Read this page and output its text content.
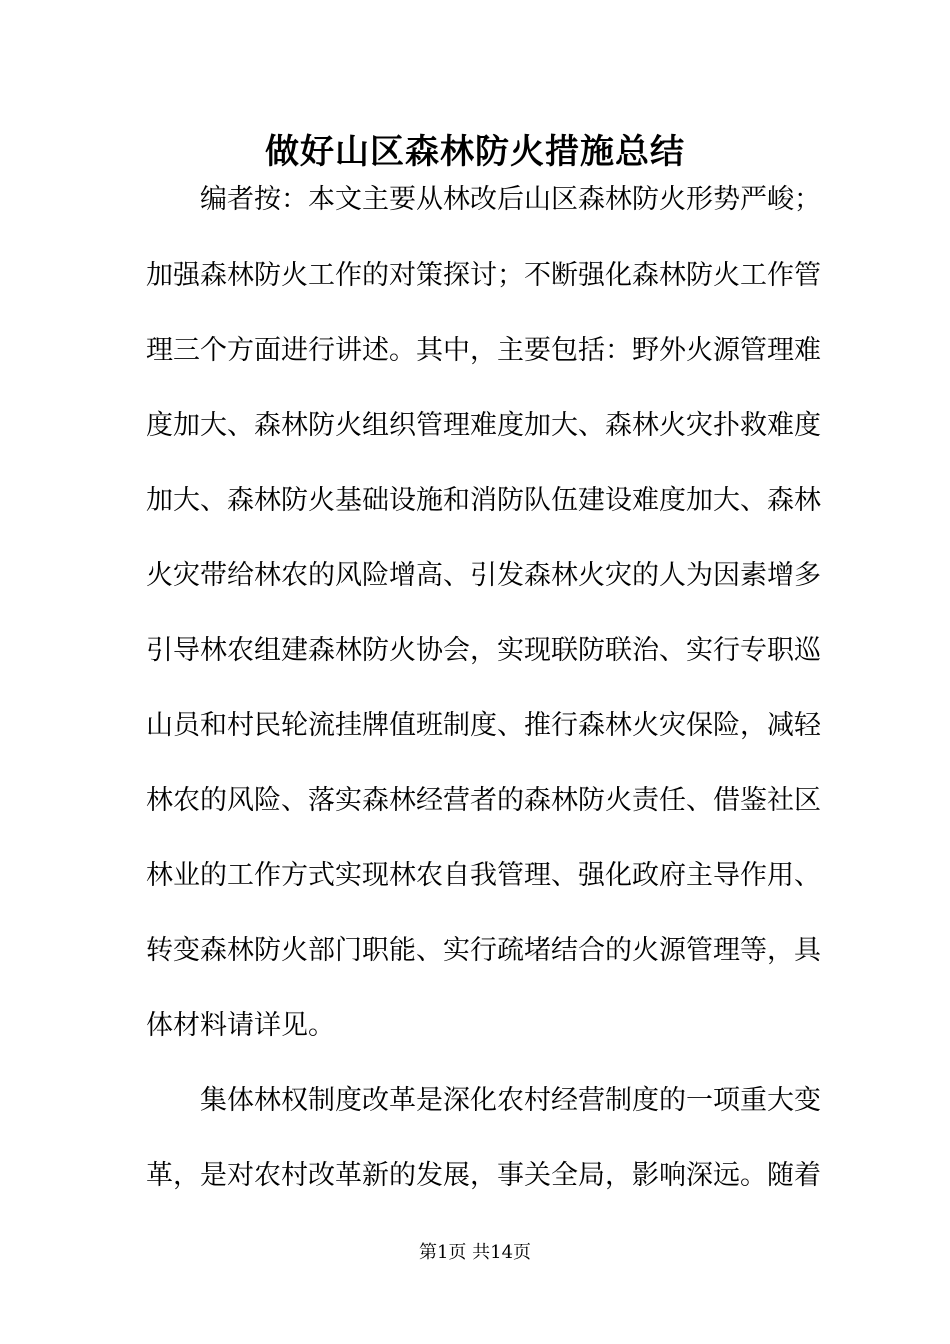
做好山区森林防火措施总结
编者按：本文主要从林改后山区森林防火形势严峻；
加强森林防火工作的对策探讨；不断强化森林防火工作管
理三个方面进行讲述。其中，主要包括：野外火源管理难
度加大、森林防火组织管理难度加大、森林火灾扑救难度
加大、森林防火基础设施和消防队伍建设难度加大、森林
火灾带给林农的风险增高、引发森林火灾的人为因素增多
引导林农组建森林防火协会，实现联防联治、实行专职巡
山员和村民轮流挂牌值班制度、推行森林火灾保险，减轻
林农的风险、落实森林经营者的森林防火责任、借鉴社区
林业的工作方式实现林农自我管理、强化政府主导作用、
转变森林防火部门职能、实行疏堵结合的火源管理等，具
体材料请详见。
集体林权制度改革是深化农村经营制度的一项重大变
革，是对农村改革新的发展，事关全局，影响深远。随着
第1页 共14页
